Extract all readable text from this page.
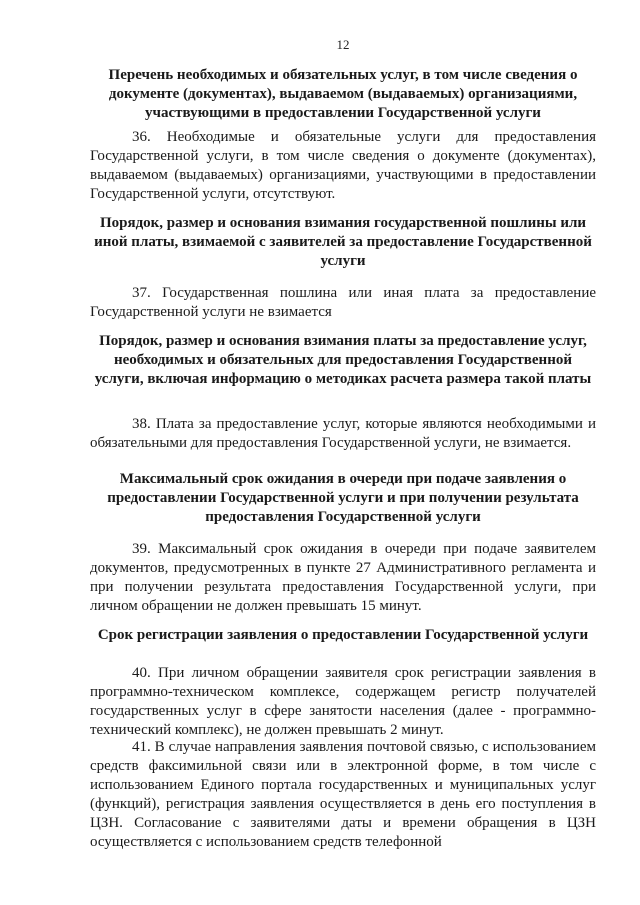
12
Перечень необходимых и обязательных услуг, в том числе сведения о документе (документах), выдаваемом (выдаваемых) организациями, участвующими в предоставлении Государственной услуги
36. Необходимые и обязательные услуги для предоставления Государственной услуги, в том числе сведения о документе (документах), выдаваемом (выдаваемых) организациями, участвующими в предоставлении Государственной услуги, отсутствуют.
Порядок, размер и основания взимания государственной пошлины или иной платы, взимаемой с заявителей за предоставление Государственной услуги
37. Государственная пошлина или иная плата за предоставление Государственной услуги не взимается
Порядок, размер и основания взимания платы за предоставление услуг, необходимых и обязательных для предоставления Государственной услуги, включая информацию о методиках расчета размера такой платы
38. Плата за предоставление услуг, которые являются необходимыми и обязательными для предоставления Государственной услуги, не взимается.
Максимальный срок ожидания в очереди при подаче заявления о предоставлении Государственной услуги и при получении результата предоставления Государственной услуги
39. Максимальный срок ожидания в очереди при подаче заявителем документов, предусмотренных в пункте 27 Административного регламента и при получении результата предоставления Государственной услуги, при личном обращении не должен превышать 15 минут.
Срок регистрации заявления о предоставлении Государственной услуги
40. При личном обращении заявителя срок регистрации заявления в программно-техническом комплексе, содержащем регистр получателей государственных услуг в сфере занятости населения (далее - программно-технический комплекс), не должен превышать 2 минут.
41. В случае направления заявления почтовой связью, с использованием средств факсимильной связи или в электронной форме, в том числе с использованием Единого портала государственных и муниципальных услуг (функций), регистрация заявления осуществляется в день его поступления в ЦЗН. Согласование с заявителями даты и времени обращения в ЦЗН осуществляется с использованием средств телефонной
